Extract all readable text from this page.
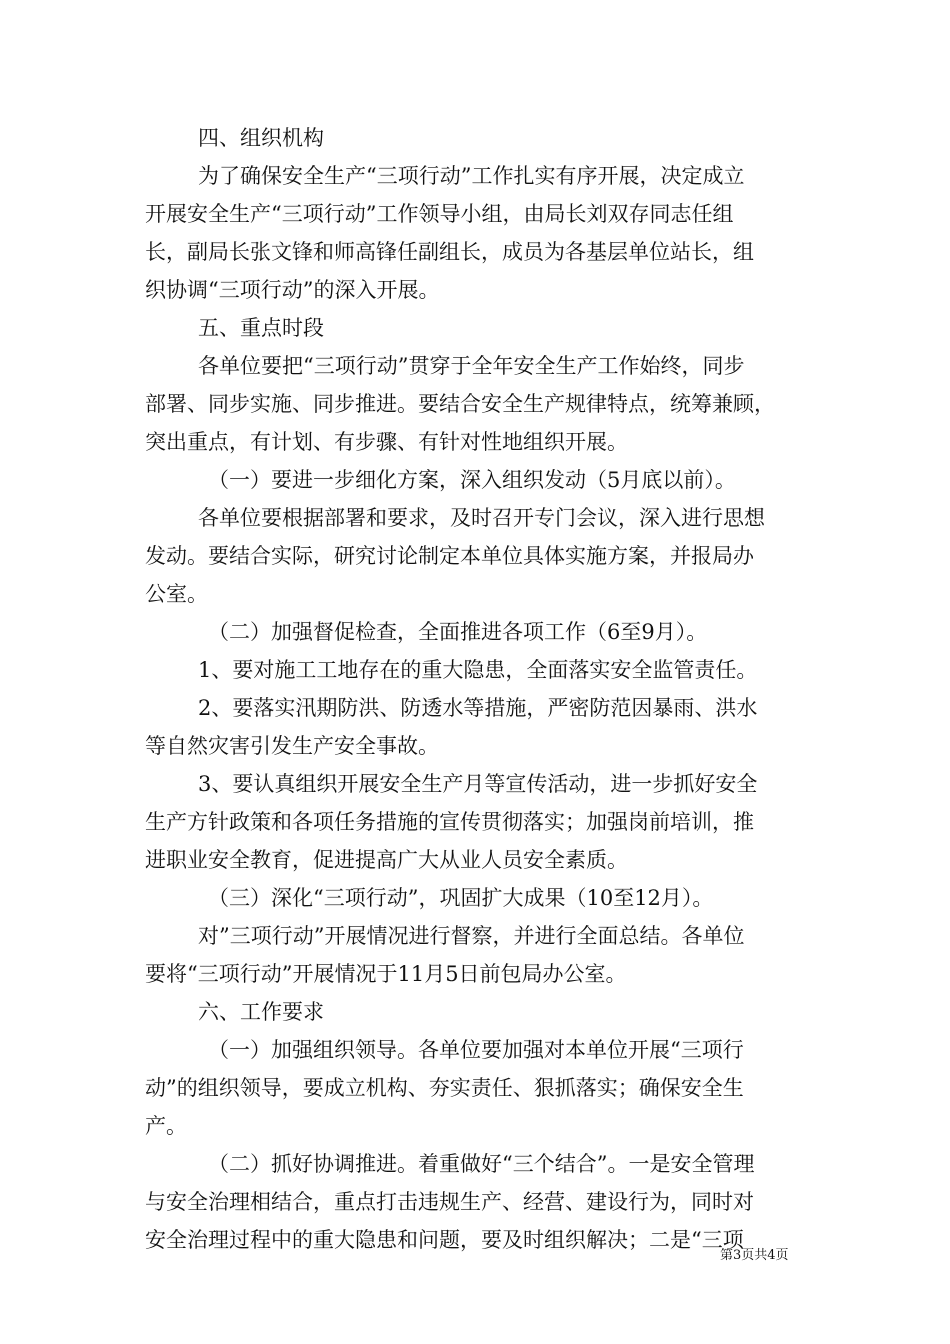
四、组织机构

为了确保安全生产“三项行动”工作扎实有序开展，决定成立

开展安全生产“三项行动”工作领导小组，由局长刘双存同志任组

长，副局长张文锋和师高锋任副组长，成员为各基层单位站长，组

织协调“三项行动”的深入开展。

五、重点时段

各单位要把“三项行动”贯穿于全年安全生产工作始终，同步

部署、同步实施、同步推进。要结合安全生产规律特点，统筹兼顾，

突出重点，有计划、有步骤、有针对性地组织开展。

（一）要进一步细化方案，深入组织发动（5月底以前）。

各单位要根据部署和要求，及时召开专门会议，深入进行思想

发动。要结合实际，研究讨论制定本单位具体实施方案，并报局办

公室。

（二）加强督促检查，全面推进各项工作（6至9月）。

1、要对施工工地存在的重大隐患，全面落实安全监管责任。

2、要落实汛期防洪、防透水等措施，严密防范因暴雨、洪水

等自然灾害引发生产安全事故。

3、要认真组织开展安全生产月等宣传活动，进一步抓好安全

生产方针政策和各项任务措施的宣传贯彻落实；加强岗前培训，推

进职业安全教育，促进提高广大从业人员安全素质。

（三）深化“三项行动”，巩固扩大成果（10至12月）。

对”三项行动”开展情况进行督察，并进行全面总结。各单位

要将“三项行动”开展情况于11月5日前包局办公室。

六、工作要求

（一）加强组织领导。各单位要加强对本单位开展“三项行

动”的组织领导，要成立机构、夯实责任、狠抓落实；确保安全生

产。

（二）抓好协调推进。着重做好“三个结合”。一是安全管理

与安全治理相结合，重点打击违规生产、经营、建设行为，同时对

安全治理过程中的重大隐患和问题，要及时组织解决；二是“三项

第3页共4页
